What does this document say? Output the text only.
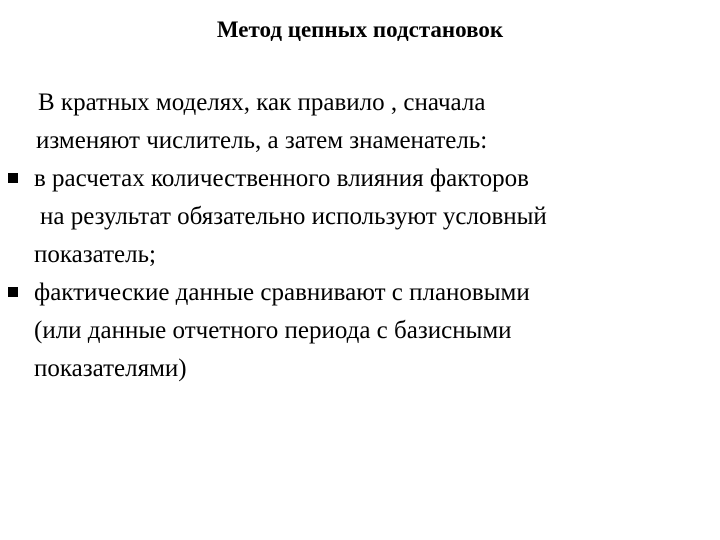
Метод цепных подстановок
В кратных моделях, как правило , сначала
изменяют числитель, а затем знаменатель:
в расчетах количественного влияния факторов
на результат обязательно используют условный
показатель;
фактические данные сравнивают с плановыми
(или данные отчетного периода с базисными
показателями)
